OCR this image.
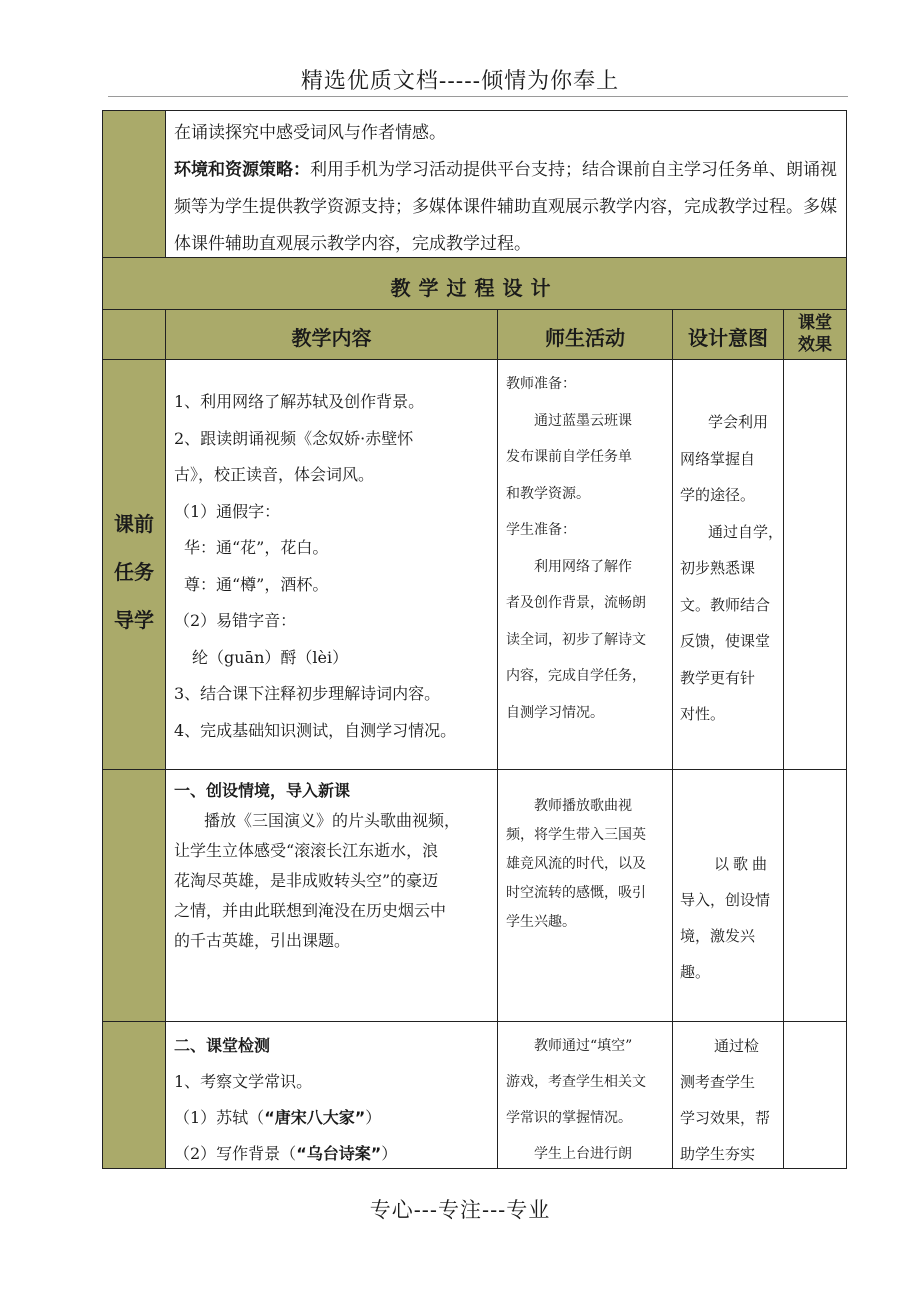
精选优质文档-----倾情为你奉上
在诵读探究中感受词风与作者情感。
环境和资源策略：利用手机为学习活动提供平台支持；结合课前自主学习任务单、朗诵视频等为学生提供教学资源支持；多媒体课件辅助直观展示教学内容，完成教学过程。多媒体课件辅助直观展示教学内容，完成教学过程。
教学过程设计
教学内容	师生活动	设计意图
课堂
效果
课前
任务
导学
1、利用网络了解苏轼及创作背景。
2、跟读朗诵视频《念奴娇·赤壁怀
古》，校正读音，体会词风。
（1）通假字：
华：通“花”，花白。
尊：通“樽”，酒杯。
（2）易错字音：
纶（guān）酹（lèi）
3、结合课下注释初步理解诗词内容。
4、完成基础知识测试，自测学习情况。
教师准备：
通过蓝墨云班课
发布课前自学任务单
和教学资源。
学生准备：
利用网络了解作
者及创作背景，流畅朗
读全词，初步了解诗文
内容，完成自学任务，
自测学习情况。
学会利用
网络掌握自
学的途径。
通过自学，
初步熟悉课
文。教师结合
反馈，使课堂
教学更有针
对性。
一、创设情境，导入新课
播放《三国演义》的片头歌曲视频，
让学生立体感受“滚滚长江东逝水，浪
花淘尽英雄，是非成败转头空”的豪迈
之情，并由此联想到淹没在历史烟云中
的千古英雄，引出课题。
教师播放歌曲视
频，将学生带入三国英
雄竞风流的时代，以及
时空流转的感慨，吸引
学生兴趣。
以歌曲
导入，创设情
境，激发兴趣。
二、课堂检测
1、考察文学常识。
（1）苏轼（“唐宋八大家”）
（2）写作背景（“乌台诗案”）
教师通过“填空”
游戏，考查学生相关文
学常识的掌握情况。
学生上台进行朗
通过检
测考查学生
学习效果，帮
助学生夯实
专心---专注---专业
